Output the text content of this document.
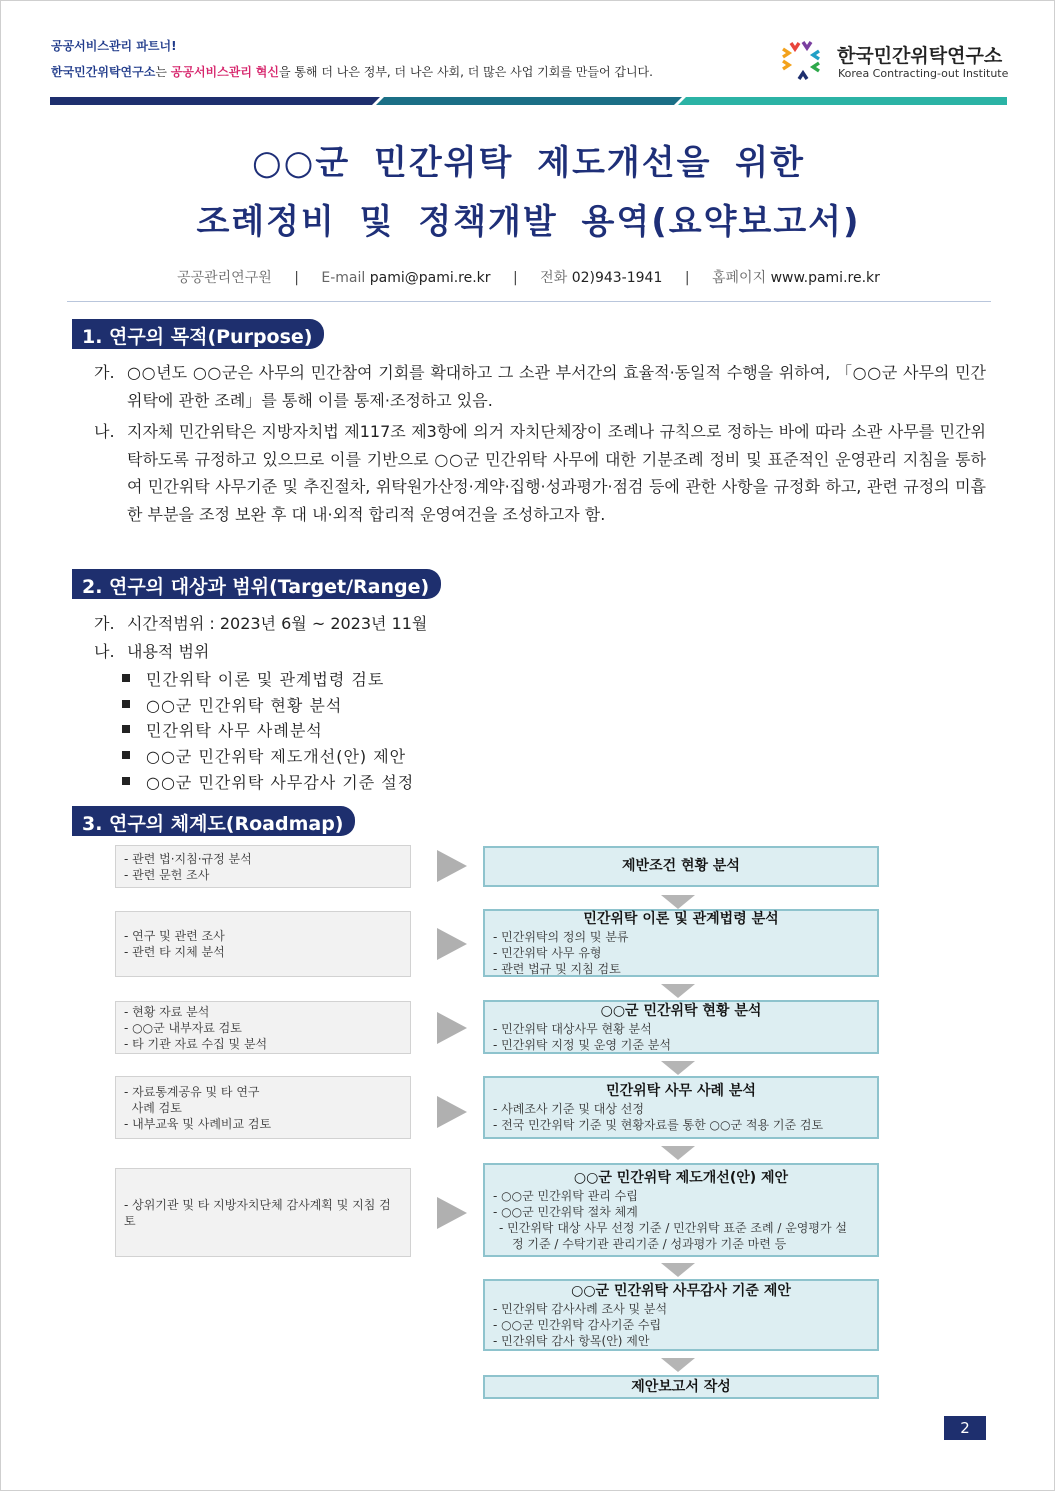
공공서비스관리 파트너!
한국민간위탁연구소는 공공서비스관리 혁신을 통해 더 나은 정부, 더 나은 사회, 더 많은 사업 기회를 만들어 갑니다.
한국민간위탁연구소
Korea Contracting-out Institute
○○군 민간위탁 제도개선을 위한
조례정비 및 정책개발 용역(요약보고서)
공공관리연구원 | E-mail pami@pami.re.kr | 전화 02)943-1941 | 홈페이지 www.pami.re.kr
1. 연구의 목적(Purpose)
가. ○○년도 ○○군은 사무의 민간참여 기회를 확대하고 그 소관 부서간의 효율적·동일적 수행을 위하여, 「○○군 사무의 민간위탁에 관한 조례」를 통해 이를 통제·조정하고 있음.
나. 지자체 민간위탁은 지방자치법 제117조 제3항에 의거 자치단체장이 조례나 규칙으로 정하는 바에 따라 소관 사무를 민간위탁하도록 규정하고 있으므로 이를 기반으로 ○○군 민간위탁 사무에 대한 기분조례 정비 및 표준적인 운영관리 지침을 통하여 민간위탁 사무기준 및 추진절차, 위탁원가산정·계약·집행·성과평가·점검 등에 관한 사항을 규정화 하고, 관련 규정의 미흡한 부분을 조정 보완 후 대 내·외적 합리적 운영여건을 조성하고자 함.
2. 연구의 대상과 범위(Target/Range)
가. 시간적범위 : 2023년 6월 ~ 2023년 11월
나. 내용적 범위
민간위탁 이론 및 관계법령 검토
○○군 민간위탁 현황 분석
민간위탁 사무 사례분석
○○군 민간위탁 제도개선(안) 제안
○○군 민간위탁 사무감사 기준 설정
3. 연구의 체계도(Roadmap)
- 관련 법·지침·규정 분석
- 관련 문헌 조사
- 연구 및 관련 조사
- 관련 타 지체 분석
- 현황 자료 분석
- ○○군 내부자료 검토
- 타 기관 자료 수집 및 분석
- 자료통계공유 및 타 연구
사례 검토
- 내부교육 및 사례비교 검토
- 상위기관 및 타 지방자치단체 감사계획 및 지침 검토
제반조건 현황 분석
민간위탁 이론 및 관계법령 분석
- 민간위탁의 정의 및 분류
- 민간위탁 사무 유형
- 관련 법규 및 지침 검토
○○군 민간위탁 현황 분석
- 민간위탁 대상사무 현황 분석
- 민간위탁 지정 및 운영 기준 분석
민간위탁 사무 사례 분석
- 사례조사 기준 및 대상 선정
- 전국 민간위탁 기준 및 현황자료를 통한 ○○군 적용 기준 검토
○○군 민간위탁 제도개선(안) 제안
- ○○군 민간위탁 관리 수립
- ○○군 민간위탁 절차 체계
- 민간위탁 대상 사무 선정 기준 / 민간위탁 표준 조례 / 운영평가 설
정 기준 / 수탁기관 관리기준 / 성과평가 기준 마련 등
○○군 민간위탁 사무감사 기준 제안
- 민간위탁 감사사례 조사 및 분석
- ○○군 민간위탁 감사기준 수립
- 민간위탁 감사 항목(안) 제안
제안보고서 작성
2
